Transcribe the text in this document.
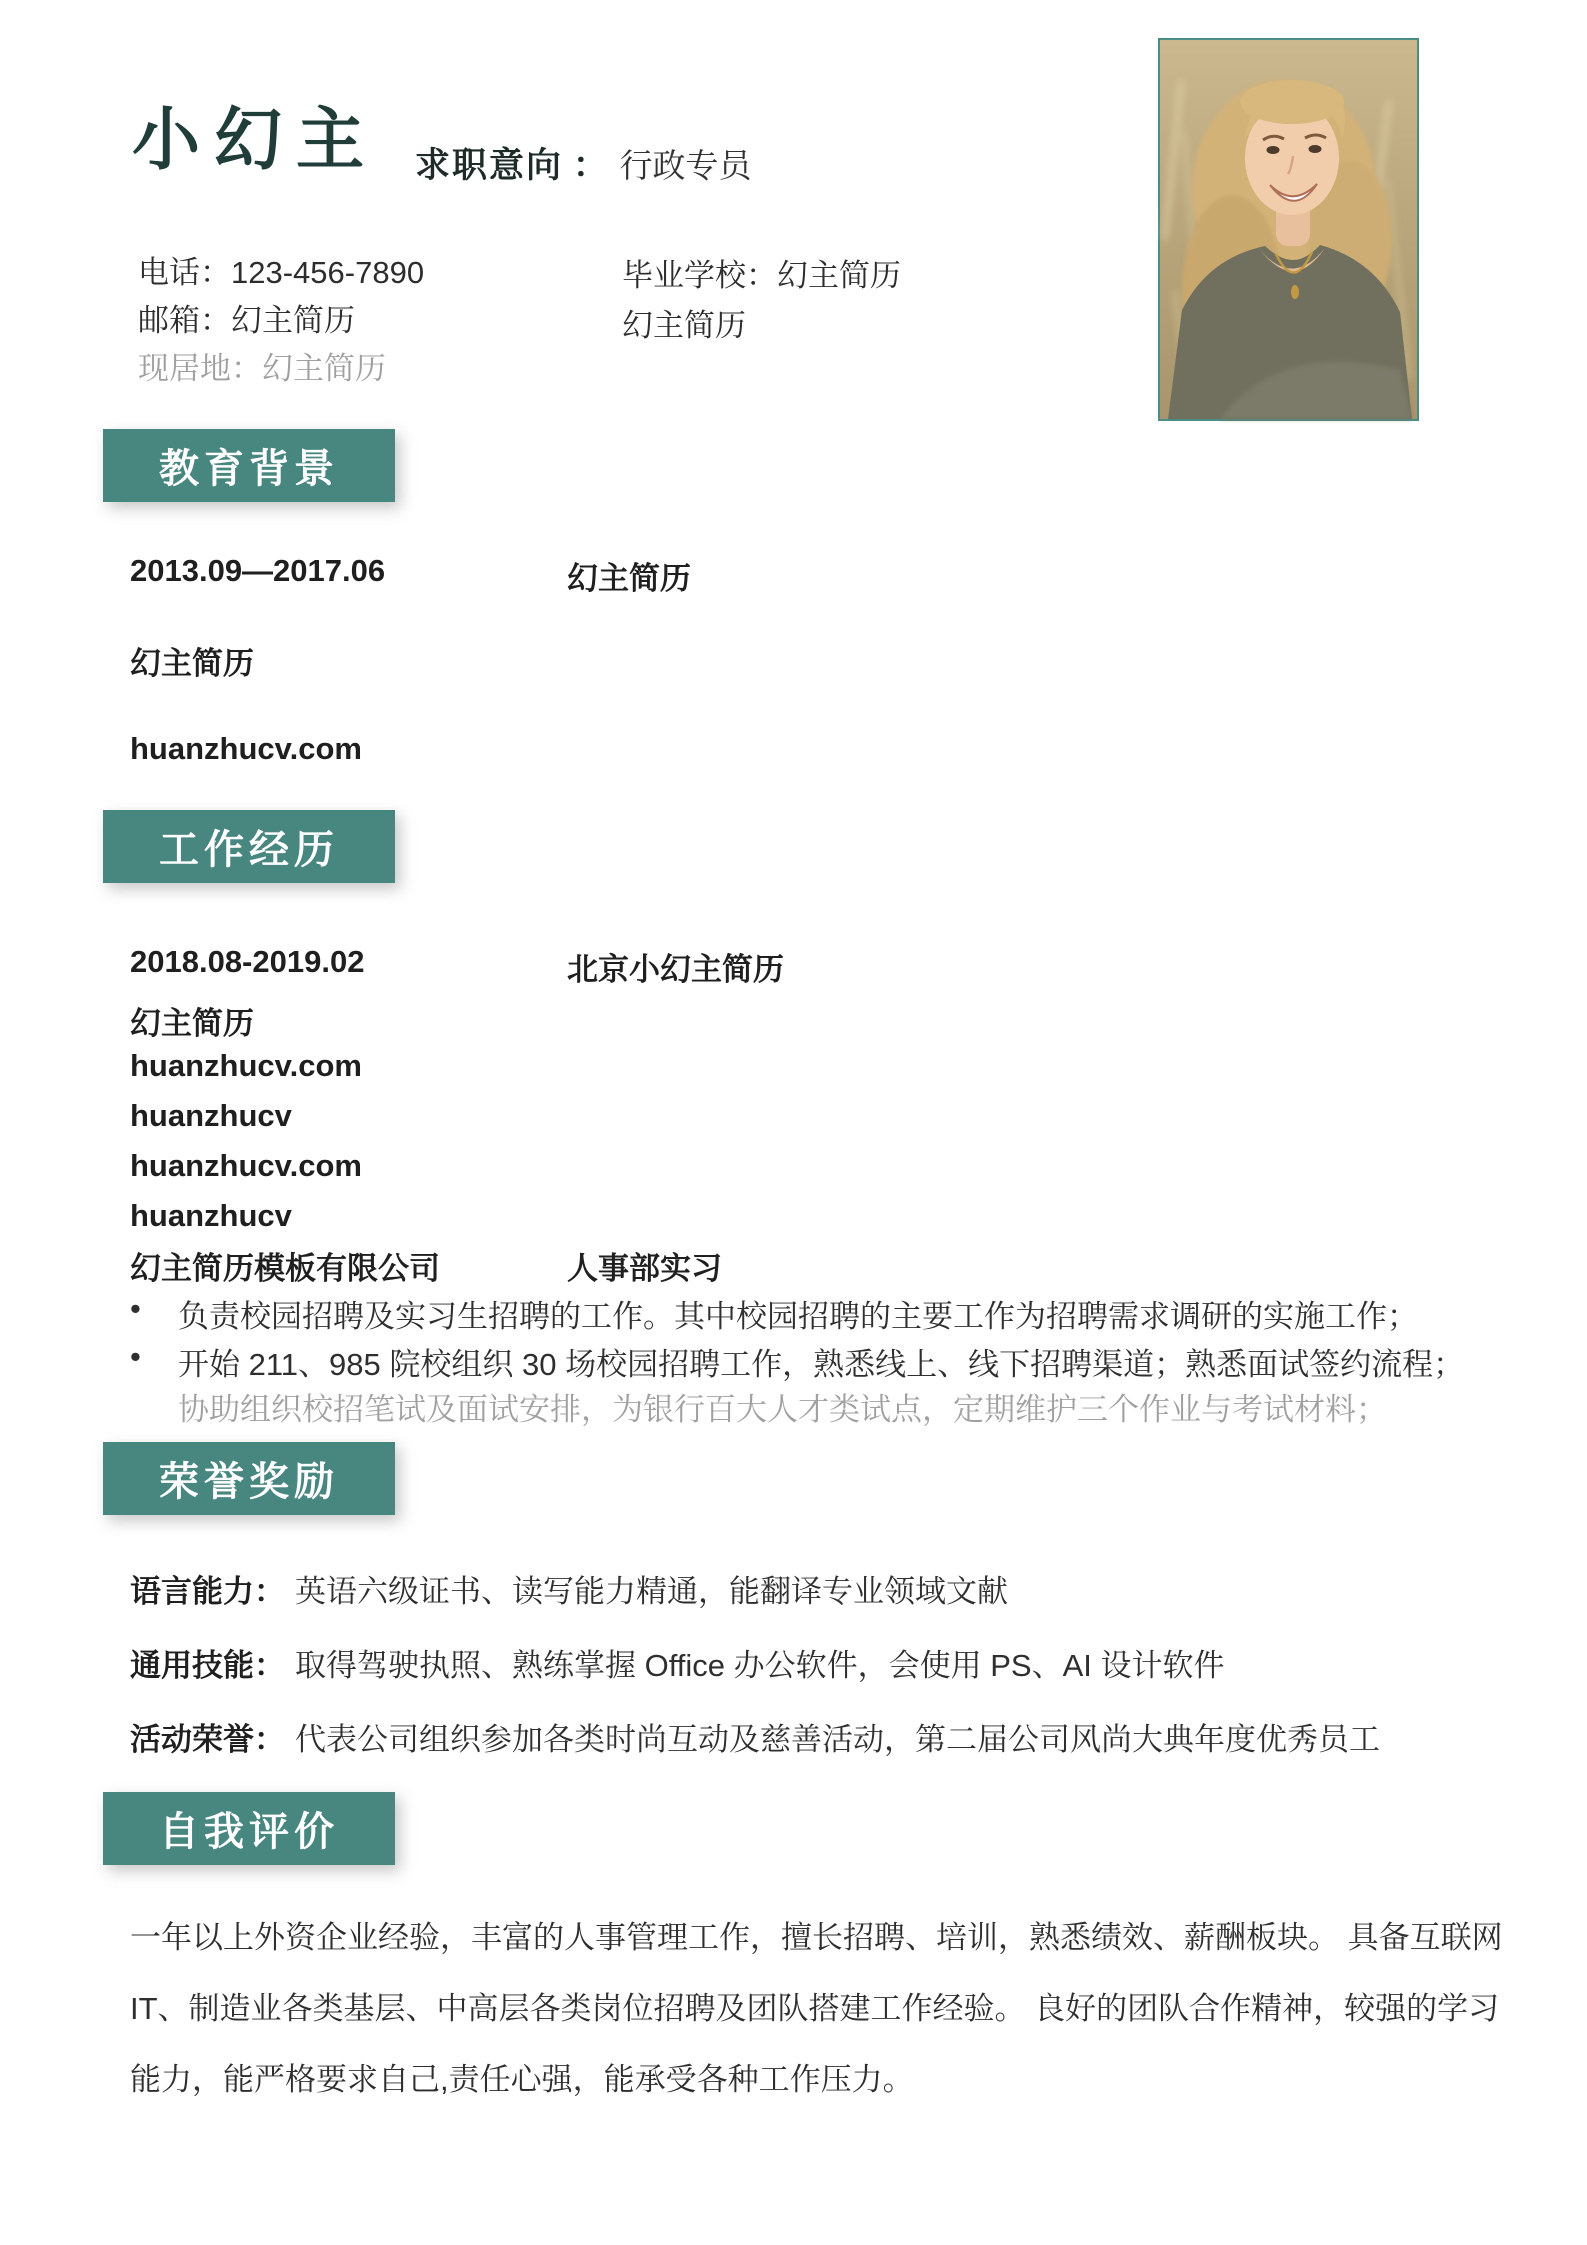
小幻主 求职意向 ： 行政专员
电话：123-456-7890
邮箱：幻主简历
现居地：幻主简历
毕业学校：幻主简历
幻主简历
教育背景
2013.09—2017.06	幻主简历
幻主简历
huanzhucv.com
工作经历
2018.08-2019.02	北京小幻主简历
幻主简历
huanzhucv.com
huanzhucv
huanzhucv.com
huanzhucv
幻主简历模板有限公司	人事部实习
•	负责校园招聘及实习生招聘的工作。其中校园招聘的主要工作为招聘需求调研的实施工作；
•	开始 211、985 院校组织 30 场校园招聘工作，熟悉线上、线下招聘渠道；熟悉面试签约流程；
协助组织校招笔试及面试安排，为银行百大人才类试点，定期维护三个作业与考试材料；
荣誉奖励
语言能力： 英语六级证书、读写能力精通，能翻译专业领域文献
通用技能： 取得驾驶执照、熟练掌握 Office 办公软件，会使用 PS、AI 设计软件
活动荣誉： 代表公司组织参加各类时尚互动及慈善活动，第二届公司风尚大典年度优秀员工
自我评价
一年以上外资企业经验，丰富的人事管理工作，擅长招聘、培训，熟悉绩效、薪酬板块。 具备互联网
IT、制造业各类基层、中高层各类岗位招聘及团队搭建工作经验。 良好的团队合作精神，较强的学习
能力，能严格要求自己,责任心强，能承受各种工作压力。
